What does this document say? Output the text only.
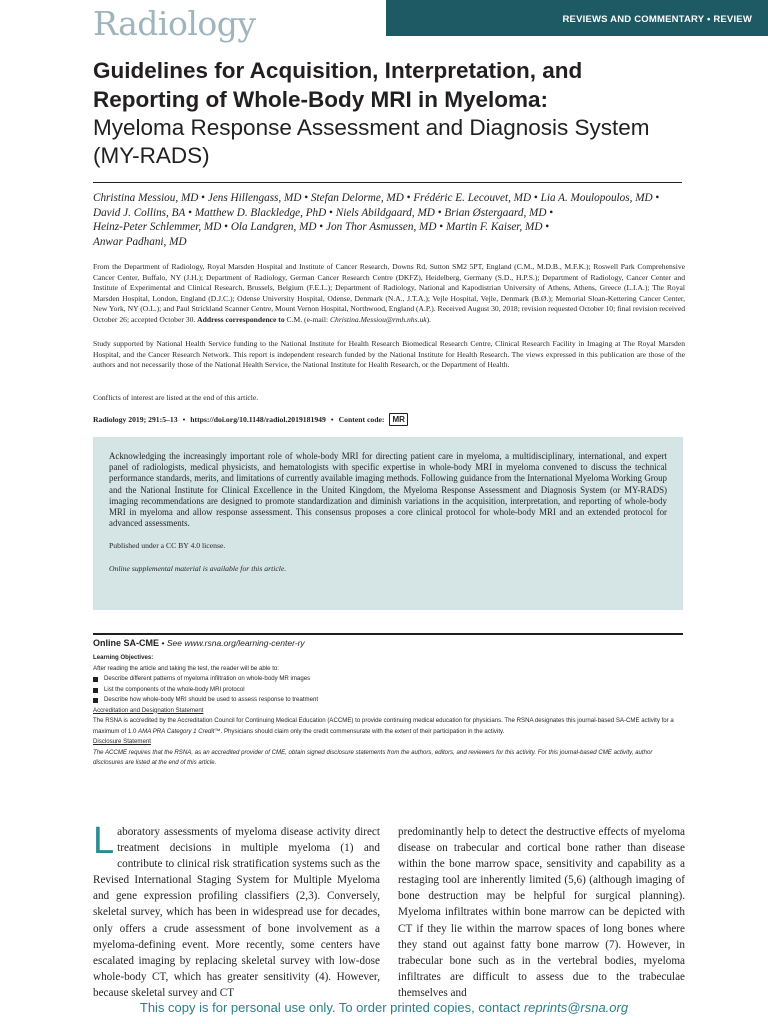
Radiology	REVIEWS AND COMMENTARY • REVIEW
Guidelines for Acquisition, Interpretation, and Reporting of Whole-Body MRI in Myeloma:
Myeloma Response Assessment and Diagnosis System (MY-RADS)
Christina Messiou, MD • Jens Hillengass, MD • Stefan Delorme, MD • Frédéric E. Lecouvet, MD • Lia A. Moulopoulos, MD •
David J. Collins, BA • Matthew D. Blackledge, PhD • Niels Abildgaard, MD • Brian Østergaard, MD •
Heinz-Peter Schlemmer, MD • Ola Landgren, MD • Jon Thor Asmussen, MD • Martin F. Kaiser, MD •
Anwar Padhani, MD
From the Department of Radiology, Royal Marsden Hospital and Institute of Cancer Research, Downs Rd, Sutton SM2 5PT, England (C.M., M.D.B., M.F.K.); Roswell Park Comprehensive Cancer Center, Buffalo, NY (J.H.); Department of Radiology, German Cancer Research Centre (DKFZ), Heidelberg, Germany (S.D., H.P.S.); Department of Radiology, Cancer Center and Institute of Experimental and Clinical Research, Brussels, Belgium (F.E.L.); Department of Radiology, National and Kapodistrian University of Athens, Athens, Greece (L.I.A.); The Royal Marsden Hospital, London, England (D.J.C.); Odense University Hospital, Odense, Denmark (N.A., J.T.A.); Vejle Hospital, Vejle, Denmark (B.Ø.); Memorial Sloan-Kettering Cancer Center, New York, NY (O.L.); and Paul Strickland Scanner Centre, Mount Vernon Hospital, Northwood, England (A.P.). Received August 30, 2018; revision requested October 10; final revision received October 26; accepted October 30. Address correspondence to C.M. (e-mail: Christina.Messiou@rmh.nhs.uk).
Study supported by National Health Service funding to the National Institute for Health Research Biomedical Research Centre, Clinical Research Facility in Imaging at The Royal Marsden Hospital, and the Cancer Research Network. This report is independent research funded by the National Institute for Health Research. The views expressed in this publication are those of the authors and not necessarily those of the National Health Service, the National Institute for Health Research, or the Department of Health.
Conflicts of interest are listed at the end of this article.
Radiology 2019; 291:5–13 • https://doi.org/10.1148/radiol.2019181949 • Content code:	MR

Acknowledging the increasingly important role of whole-body MRI for directing patient care in myeloma, a multidisciplinary, international, and expert panel of radiologists, medical physicists, and hematologists with specific expertise in whole-body MRI in myeloma convened to discuss the technical performance standards, merits, and limitations of currently available imaging methods. Following guidance from the International Myeloma Working Group and the National Institute for Clinical Excellence in the United Kingdom, the Myeloma Response Assessment and Diagnosis System (or MY-RADS) imaging recommendations are designed to promote standardization and diminish variations in the acquisition, interpretation, and reporting of whole-body MRI in myeloma and allow response assessment. This consensus proposes a core clinical protocol for whole-body MRI and an extended protocol for advanced assessments.

Published under a CC BY 4.0 license.

Online supplemental material is available for this article.

Online SA-CME • See www.rsna.org/learning-center-ry
Learning Objectives:
After reading the article and taking the test, the reader will be able to:
Describe different patterns of myeloma infiltration on whole-body MR images
List the components of the whole-body MRI protocol
Describe how whole-body MRI should be used to assess response to treatment
Accreditation and Designation Statement
The RSNA is accredited by the Accreditation Council for Continuing Medical Education (ACCME) to provide continuing medical education for physicians. The RSNA designates this journal-based SA-CME activity for a
maximum of 1.0 AMA PRA Category 1 Credit™. Physicians should claim only the credit commensurate with the extent of their participation in the activity.
Disclosure Statement
The ACCME requires that the RSNA, as an accredited provider of CME, obtain signed disclosure statements from the authors, editors, and reviewers for this activity. For this journal-based CME activity, author
disclosures are listed at the end of this article.
Laboratory assessments of myeloma disease activity direct treatment decisions in multiple myeloma (1) and contribute to clinical risk stratification systems such as the Revised International Staging System for Multiple Myeloma and gene expression profiling classifiers (2,3). Conversely, skeletal survey, which has been in widespread use for decades, only offers a crude assessment of bone involvement as a myeloma-defining event. More recently, some centers have escalated imaging by replacing skeletal survey with low-dose whole-body CT, which has greater sensitivity (4). However, because skeletal survey and CT
predominantly help to detect the destructive effects of myeloma disease on trabecular and cortical bone rather than disease within the bone marrow space, sensitivity and capability as a restaging tool are inherently limited (5,6) (although imaging of bone destruction may be helpful for surgical planning). Myeloma infiltrates within bone marrow can be depicted with CT if they lie within the marrow spaces of long bones where they stand out against fatty bone marrow (7). However, in trabecular bone such as in the vertebral bodies, myeloma infiltrates are difficult to assess due to the trabeculae themselves and
This copy is for personal use only. To order printed copies, contact reprints@rsna.org
